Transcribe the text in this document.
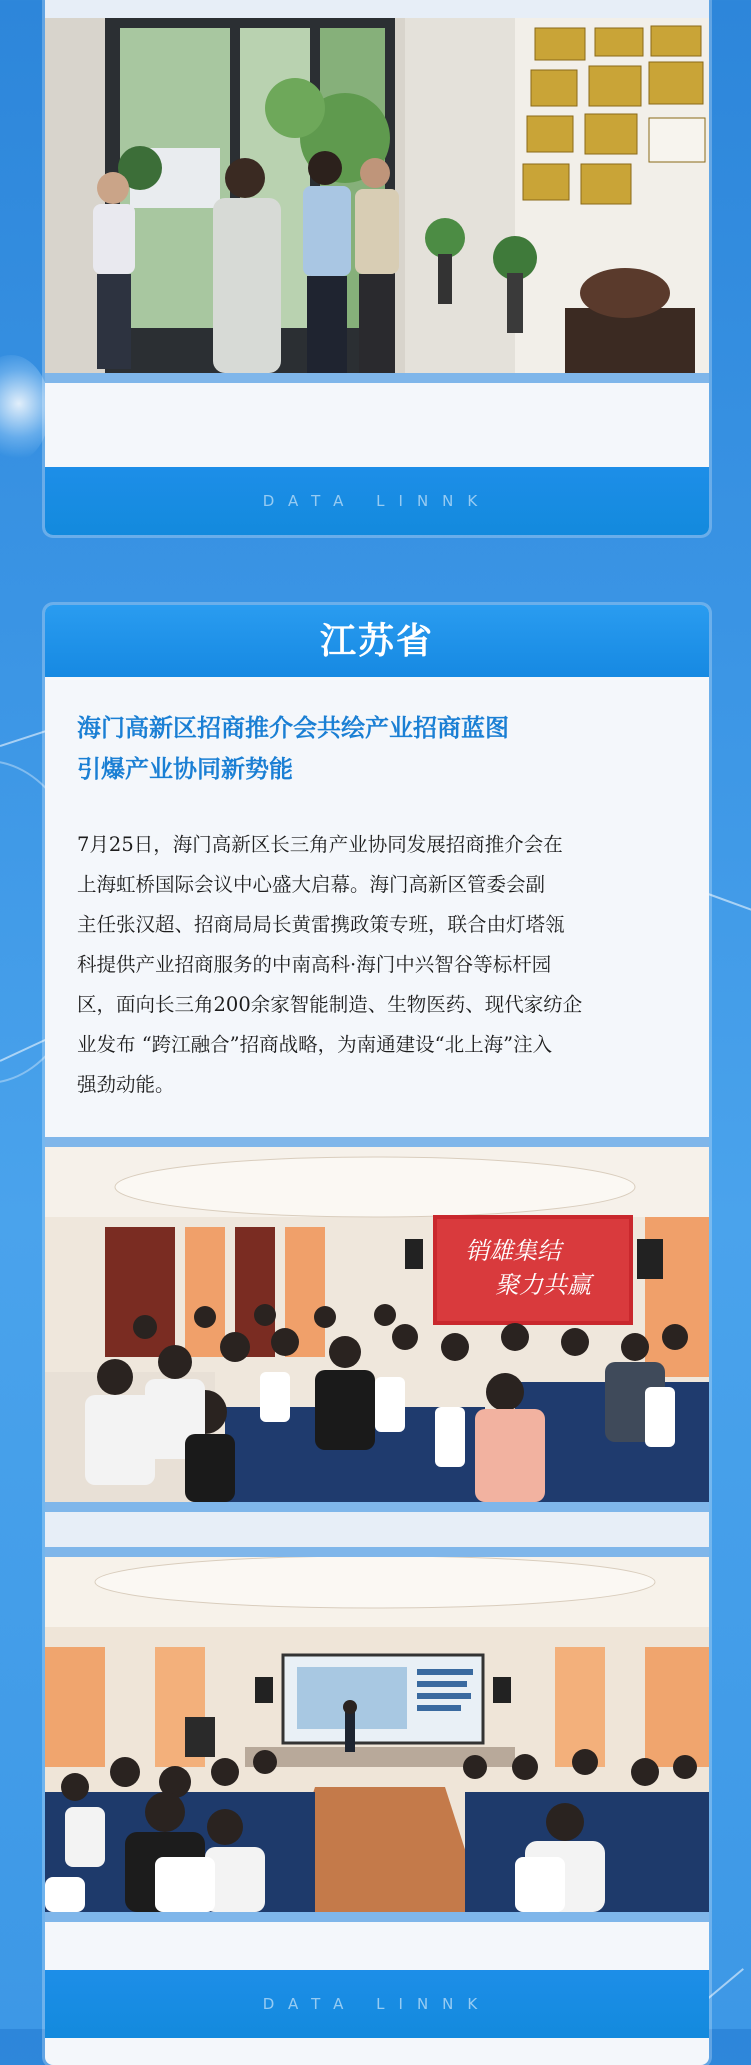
DATA LINNK
江苏省
海门高新区招商推介会共绘产业招商蓝图
引爆产业协同新势能
7月25日，海门高新区长三角产业协同发展招商推介会在
上海虹桥国际会议中心盛大启幕。海门高新区管委会副
主任张汉超、招商局局长黄雷携政策专班，联合由灯塔瓴
科提供产业招商服务的中南高科·海门中兴智谷等标杆园
区，面向长三角200余家智能制造、生物医药、现代家纺企
业发布 “跨江融合”招商战略，为南通建设“北上海”注入
强劲动能。
销雄集结
聚力共赢
DATA LINNK
